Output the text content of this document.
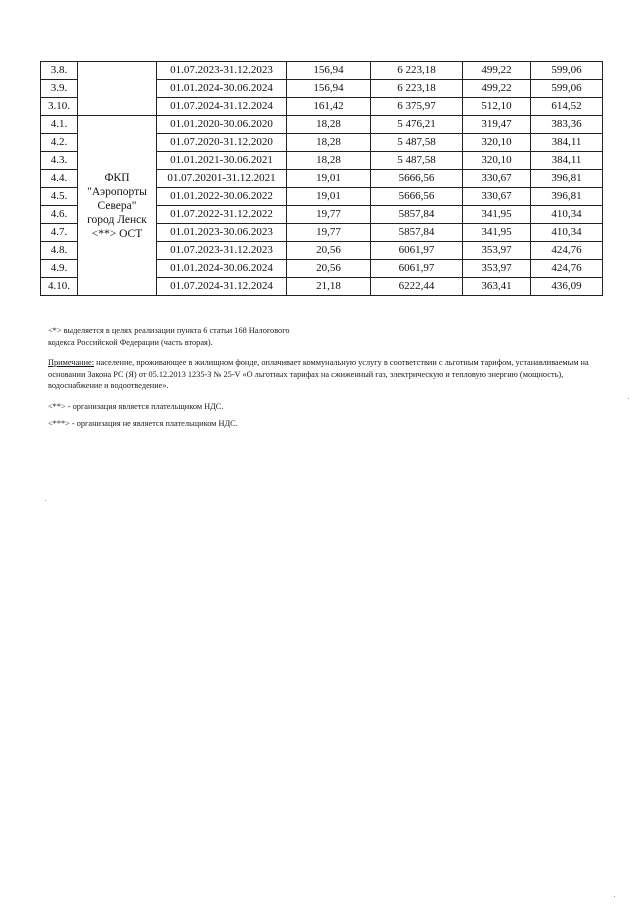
3.8.		01.07.2023-31.12.2023	156,94	6 223,18	499,22	599,06
3.9.		01.01.2024-30.06.2024	156,94	6 223,18	499,22	599,06
3.10.		01.07.2024-31.12.2024	161,42	6 375,97	512,10	614,52
4.1.	ФКП
"Аэропорты
Севера"
город Ленск
<**> ОСТ	01.01.2020-30.06.2020	18,28	5 476,21	319,47	383,36
4.2.		01.07.2020-31.12.2020	18,28	5 487,58	320,10	384,11
4.3.		01.01.2021-30.06.2021	18,28	5 487,58	320,10	384,11
4.4.		01.07.20201-31.12.2021	19,01	5666,56	330,67	396,81
4.5.		01.01.2022-30.06.2022	19,01	5666,56	330,67	396,81
4.6.		01.07.2022-31.12.2022	19,77	5857,84	341,95	410,34
4.7.		01.01.2023-30.06.2023	19,77	5857,84	341,95	410,34
4.8.		01.07.2023-31.12.2023	20,56	6061,97	353,97	424,76
4.9.		01.01.2024-30.06.2024	20,56	6061,97	353,97	424,76
4.10.		01.07.2024-31.12.2024	21,18	6222,44	363,41	436,09

<*> выделяется в целях реализации пункта 6 статьи 168 Налогового

кодекса Российской Федерации (часть вторая).

Примечание: население, проживающее в жилищном фонде, оплачивает коммунальную услугу в соответствии с льготным тарифом, устанавливаемым на основании Закона РС (Я) от 05.12.2013 1235-З № 25-V «О льготных тарифах на сжиженный газ, электрическую и тепловую энергию (мощность), водоснабжение и водоотведение».

<**> - организация является плательщиком НДС.

<***> - организация не является плательщиком НДС.
